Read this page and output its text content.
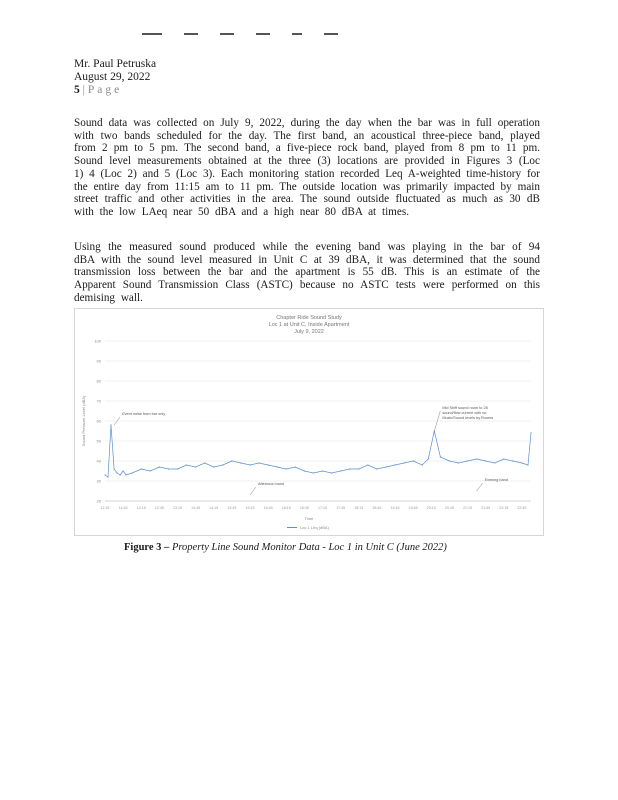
Mr. Paul Petruska
August 29, 2022
5 | Page

Sound data was collected on July 9, 2022, during the day when the bar was in full operation with two bands scheduled for the day. The first band, an acoustical three-piece band, played from 2 pm to 5 pm. The second band, a five-piece rock band, played from 8 pm to 11 pm. Sound level measurements obtained at the three (3) locations are provided in Figures 3 (Loc 1) 4 (Loc 2) and 5 (Loc 3). Each monitoring station recorded Leq A-weighted time-history for the entire day from 11:15 am to 11 pm. The outside location was primarily impacted by main street traffic and other activities in the area. The sound outside fluctuated as much as 30 dB with the low LAeq near 50 dBA and a high near 80 dBA at times.

Using the measured sound produced while the evening band was playing in the bar of 94 dBA with the sound level measured in Unit C at 39 dBA, it was determined that the sound transmission loss between the bar and the apartment is 55 dB. This is an estimate of the Apparent Sound Transmission Class (ASTC) because no ASTC tests were performed on this demising wall.

Chapter Ride Sound Study
Loc 1 at Unit C, Inside Apartment
July 9, 2022
20
30
40
50
60
70
80
90
100
Sound Pressure Level (dBA)
11:15	11:45	12:15	12:45	13:15	13:45	14:15	14:45	15:15	15:45	16:15	16:45	17:15	17:45	18:15	18:45	19:15	19:45	20:15	20:45	21:15	21:45	22:15	22:45
Time
Loc 1 Leq (dBA)
Event noise from bar only
Mid Shift sound room to 28
sound/flow current with no
Music/Sound levels by Rooms
Afternoon band
Evening band
Figure 3 – Property Line Sound Monitor Data - Loc 1 in Unit C (June 2022)
